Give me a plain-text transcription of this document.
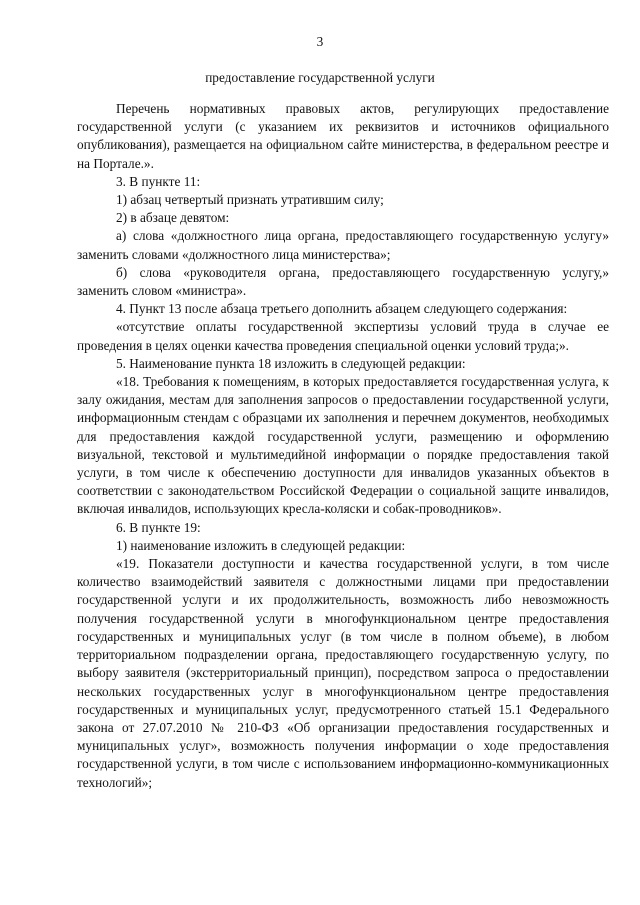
3
предоставление государственной услуги

Перечень нормативных правовых актов, регулирующих предоставление государственной услуги (с указанием их реквизитов и источников официального опубликования), размещается на официальном сайте министерства, в федеральном реестре и на Портале.».

3. В пункте 11:

1) абзац четвертый признать утратившим силу;

2) в абзаце девятом:

а) слова «должностного лица органа, предоставляющего государственную услугу» заменить словами «должностного лица министерства»;

б) слова «руководителя органа, предоставляющего государственную услугу,» заменить словом «министра».

4. Пункт 13 после абзаца третьего дополнить абзацем следующего содержания:

«отсутствие оплаты государственной экспертизы условий труда в случае ее проведения в целях оценки качества проведения специальной оценки условий труда;».

5. Наименование пункта 18 изложить в следующей редакции:

«18. Требования к помещениям, в которых предоставляется государственная услуга, к залу ожидания, местам для заполнения запросов о предоставлении государственной услуги, информационным стендам с образцами их заполнения и перечнем документов, необходимых для предоставления каждой государственной услуги, размещению и оформлению визуальной, текстовой и мультимедийной информации о порядке предоставления такой услуги, в том числе к обеспечению доступности для инвалидов указанных объектов в соответствии с законодательством Российской Федерации о социальной защите инвалидов, включая инвалидов, использующих кресла-коляски и собак-проводников».

6. В пункте 19:

1) наименование изложить в следующей редакции:

«19. Показатели доступности и качества государственной услуги, в том числе количество взаимодействий заявителя с должностными лицами при предоставлении государственной услуги и их продолжительность, возможность либо невозможность получения государственной услуги в многофункциональном центре предоставления государственных и муниципальных услуг (в том числе в полном объеме), в любом территориальном подразделении органа, предоставляющего государственную услугу, по выбору заявителя (экстерриториальный принцип), посредством запроса о предоставлении нескольких государственных услуг в многофункциональном центре предоставления государственных и муниципальных услуг, предусмотренного статьей 15.1 Федерального закона от 27.07.2010 № 210-ФЗ «Об организации предоставления государственных и муниципальных услуг», возможность получения информации о ходе предоставления государственной услуги, в том числе с использованием информационно-коммуникационных технологий»;
